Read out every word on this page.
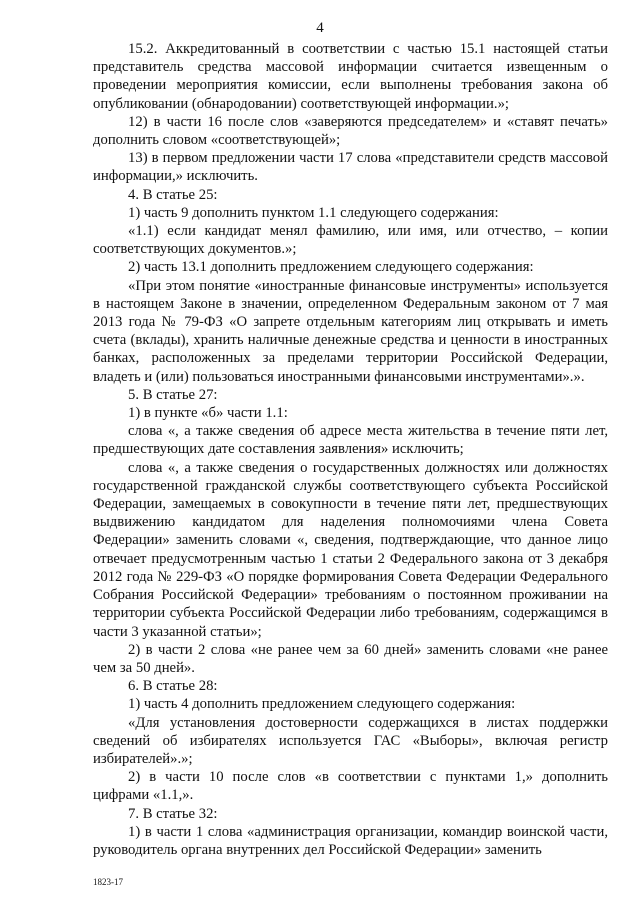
4

15.2. Аккредитованный в соответствии с частью 15.1 настоящей статьи представитель средства массовой информации считается извещенным о проведении мероприятия комиссии, если выполнены требования закона об опубликовании (обнародовании) соответствующей информации.»;

12) в части 16 после слов «заверяются председателем» и «ставят печать» дополнить словом «соответствующей»;

13) в первом предложении части 17 слова «представители средств массовой информации,» исключить.

4. В статье 25:

1) часть 9 дополнить пунктом 1.1 следующего содержания:

«1.1) если кандидат менял фамилию, или имя, или отчество, – копии соответствующих документов.»;

2) часть 13.1 дополнить предложением следующего содержания:

«При этом понятие «иностранные финансовые инструменты» используется в настоящем Законе в значении, определенном Федеральным законом от 7 мая 2013 года № 79-ФЗ «О запрете отдельным категориям лиц открывать и иметь счета (вклады), хранить наличные денежные средства и ценности в иностранных банках, расположенных за пределами территории Российской Федерации, владеть и (или) пользоваться иностранными финансовыми инструментами».».

5. В статье 27:

1) в пункте «б» части 1.1:

слова «, а также сведения об адресе места жительства в течение пяти лет, предшествующих дате составления заявления» исключить;

слова «, а также сведения о государственных должностях или должностях государственной гражданской службы соответствующего субъекта Российской Федерации, замещаемых в совокупности в течение пяти лет, предшествующих выдвижению кандидатом для наделения полномочиями члена Совета Федерации» заменить словами «, сведения, подтверждающие, что данное лицо отвечает предусмотренным частью 1 статьи 2 Федерального закона от 3 декабря 2012 года № 229-ФЗ «О порядке формирования Совета Федерации Федерального Собрания Российской Федерации» требованиям о постоянном проживании на территории субъекта Российской Федерации либо требованиям, содержащимся в части 3 указанной статьи»;

2) в части 2 слова «не ранее чем за 60 дней» заменить словами «не ранее чем за 50 дней».

6. В статье 28:

1) часть 4 дополнить предложением следующего содержания:

«Для установления достоверности содержащихся в листах поддержки сведений об избирателях используется ГАС «Выборы», включая регистр избирателей».»;

2) в части 10 после слов «в соответствии с пунктами 1,» дополнить цифрами «1.1,».

7. В статье 32:

1) в части 1 слова «администрация организации, командир воинской части, руководитель органа внутренних дел Российской Федерации» заменить

1823-17
